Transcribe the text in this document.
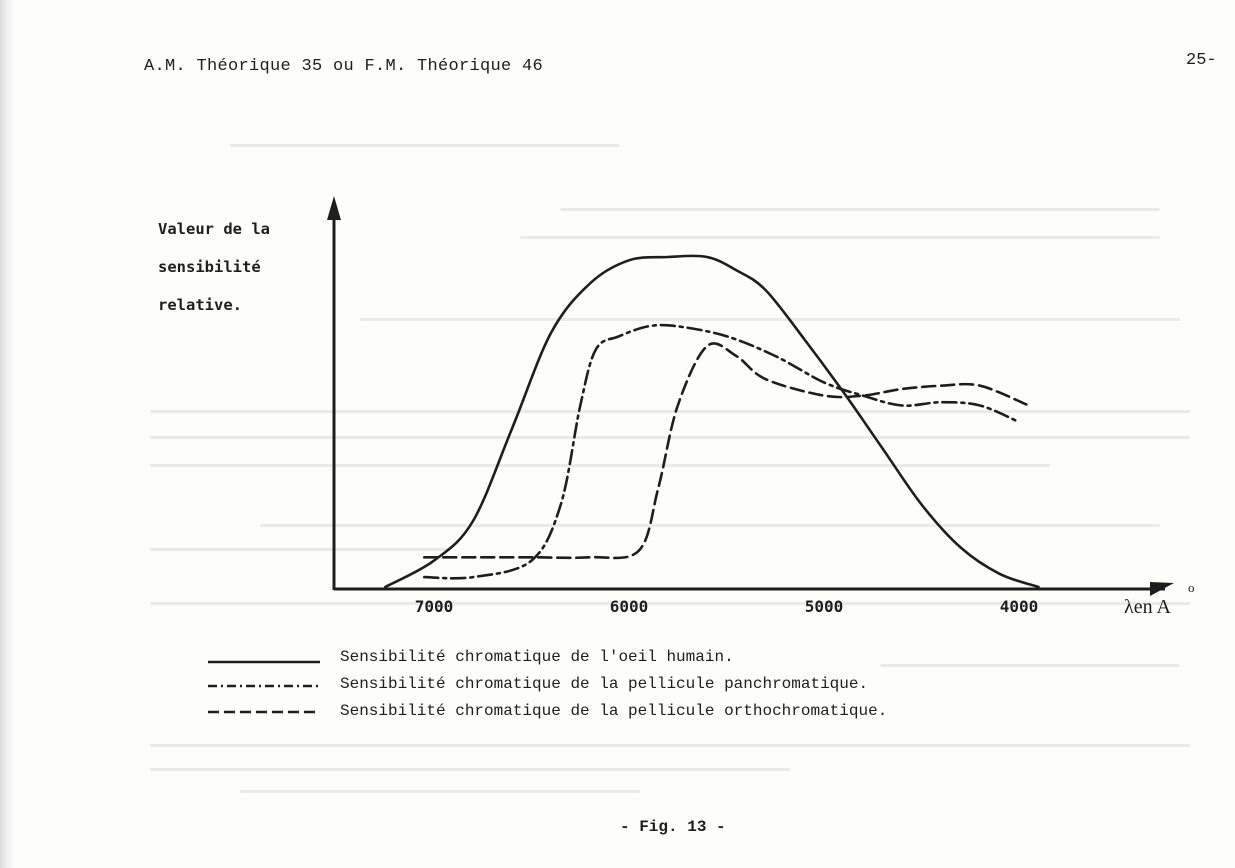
A.M. Théorique 35 ou F.M. Théorique 46	25-
Valeur de la
sensibilité
relative.
7000	6000	5000	4000	λen A
o
Sensibilité chromatique de l'oeil humain.
Sensibilité chromatique de la pellicule panchromatique.
Sensibilité chromatique de la pellicule orthochromatique.
- Fig. 13 -
